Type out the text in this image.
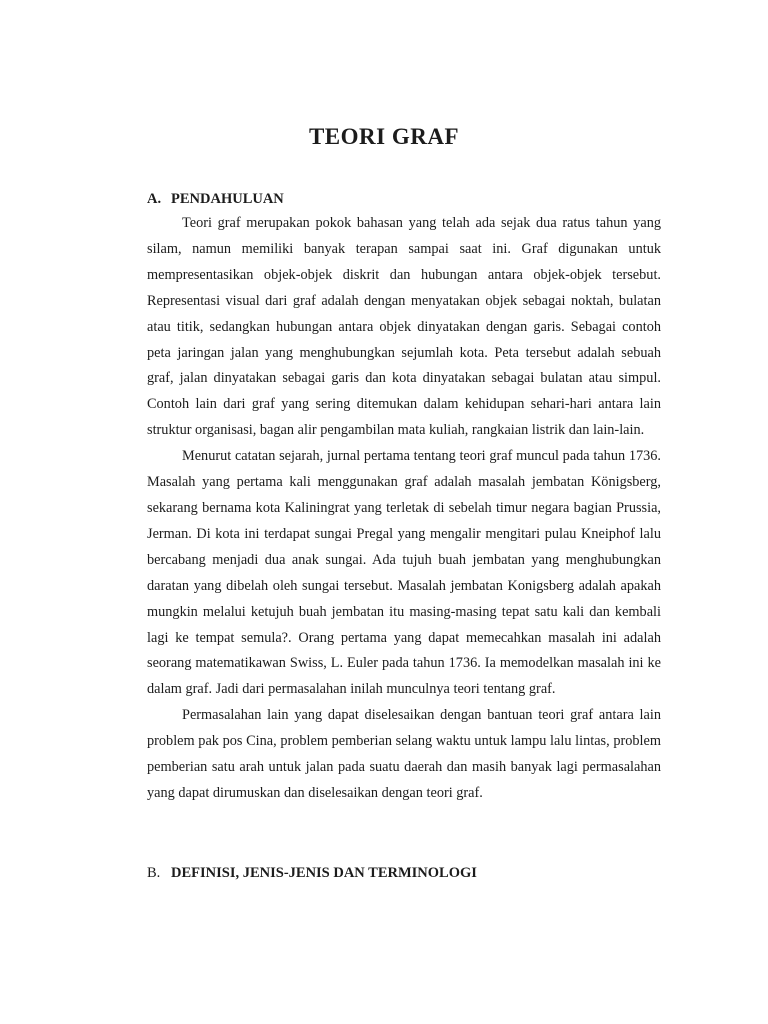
TEORI GRAF
A. PENDAHULUAN

Teori graf merupakan pokok bahasan yang telah ada sejak dua ratus tahun yang silam, namun memiliki banyak terapan sampai saat ini. Graf digunakan untuk mempresentasikan objek-objek diskrit dan hubungan antara objek-objek tersebut. Representasi visual dari graf adalah dengan menyatakan objek sebagai noktah, bulatan atau titik, sedangkan hubungan antara objek dinyatakan dengan garis. Sebagai contoh peta jaringan jalan yang menghubungkan sejumlah kota. Peta tersebut adalah sebuah graf, jalan dinyatakan sebagai garis dan kota dinyatakan sebagai bulatan atau simpul. Contoh lain dari graf yang sering ditemukan dalam kehidupan sehari-hari antara lain struktur organisasi, bagan alir pengambilan mata kuliah, rangkaian listrik dan lain-lain.

Menurut catatan sejarah, jurnal pertama tentang teori graf muncul pada tahun 1736. Masalah yang pertama kali menggunakan graf adalah masalah jembatan Königsberg, sekarang bernama kota Kaliningrat yang terletak di sebelah timur negara bagian Prussia, Jerman. Di kota ini terdapat sungai Pregal yang mengalir mengitari pulau Kneiphof lalu bercabang menjadi dua anak sungai. Ada tujuh buah jembatan yang menghubungkan daratan yang dibelah oleh sungai tersebut. Masalah jembatan Konigsberg adalah apakah mungkin melalui ketujuh buah jembatan itu masing-masing tepat satu kali dan kembali lagi ke tempat semula?. Orang pertama yang dapat memecahkan masalah ini adalah seorang matematikawan Swiss, L. Euler pada tahun 1736. Ia memodelkan masalah ini ke dalam graf. Jadi dari permasalahan inilah munculnya teori tentang graf.

Permasalahan lain yang dapat diselesaikan dengan bantuan teori graf antara lain problem pak pos Cina, problem pemberian selang waktu untuk lampu lalu lintas, problem pemberian satu arah untuk jalan pada suatu daerah dan masih banyak lagi permasalahan yang dapat dirumuskan dan diselesaikan dengan teori graf.

B. DEFINISI, JENIS-JENIS DAN TERMINOLOGI
